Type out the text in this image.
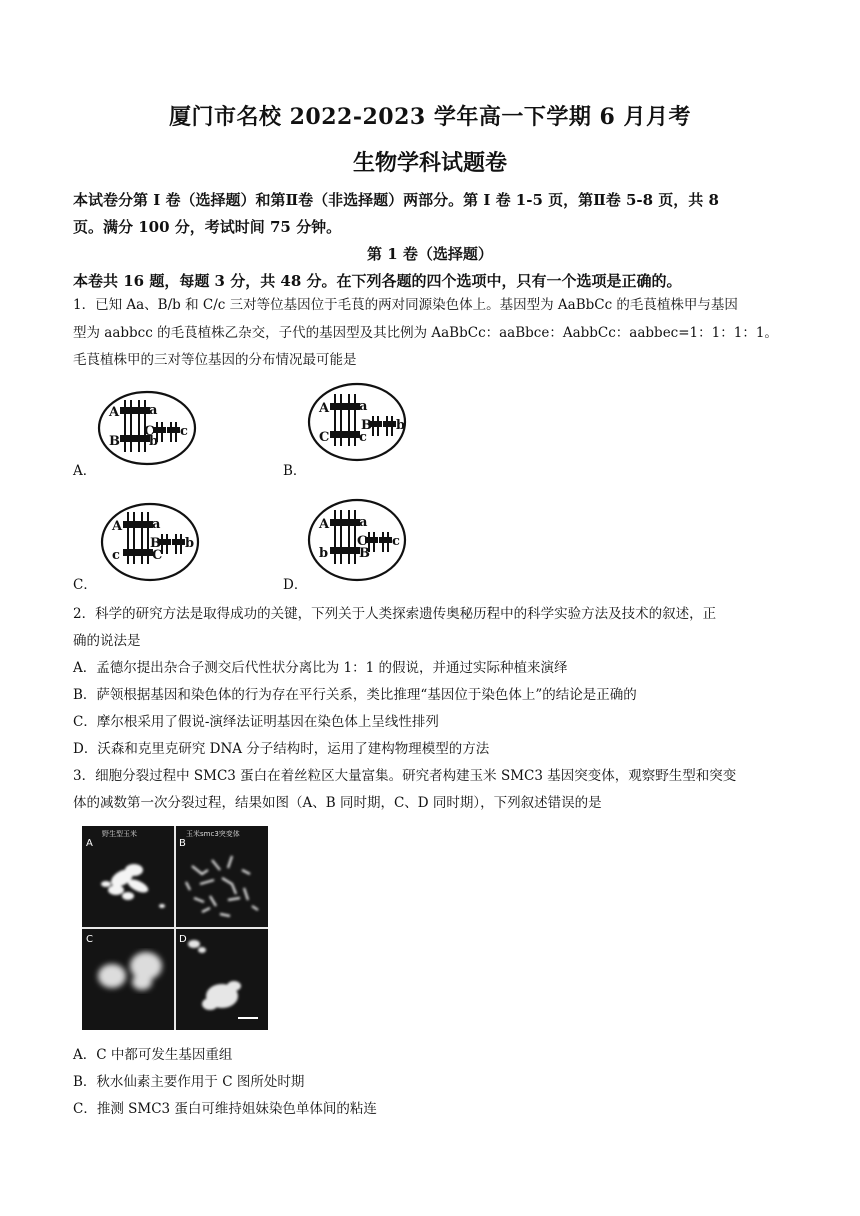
厦门市名校 2022-2023 学年高一下学期 6 月月考
生物学科试题卷
本试卷分第 I 卷（选择题）和第Ⅱ卷（非选择题）两部分。第 I 卷 1-5 页，第Ⅱ卷 5-8 页，共 8
页。满分 100 分，考试时间 75 分钟。
第 1 卷（选择题）
本卷共 16 题，每题 3 分，共 48 分。在下列各题的四个选项中，只有一个选项是正确的。
1．已知 Aa、B/b 和 C/c 三对等位基因位于毛茛的两对同源染色体上。基因型为 AaBbCc 的毛茛植株甲与基因
型为 aabbcc 的毛茛植株乙杂交，子代的基因型及其比例为 AaBbCc：aaBbce：AabbCc：aabbec=1：1：1：1。
毛茛植株甲的三对等位基因的分布情况最可能是
A
B
a
b
C c
A．
A
C
a
c
B b
B．
A
c
a
C
B b
C．
A
b
a
B
C c
D．
2．科学的研究方法是取得成功的关键，下列关于人类探索遗传奥秘历程中的科学实验方法及技术的叙述，正
确的说法是
A．孟德尔提出杂合子测交后代性状分离比为 1：1 的假说，并通过实际种植来演绎
B．萨领根据基因和染色体的行为存在平行关系，类比推理“基因位于染色体上”的结论是正确的
C．摩尔根采用了假说-演绎法证明基因在染色体上呈线性排列
D．沃森和克里克研究 DNA 分子结构时，运用了建构物理模型的方法
3．细胞分裂过程中 SMC3 蛋白在着丝粒区大量富集。研究者构建玉米 SMC3 基因突变体，观察野生型和突变
体的减数第一次分裂过程，结果如图（A、B 同时期，C、D 同时期），下列叙述错误的是
野生型玉米	玉米smc3突变体
A	B
C	D
A．C 中都可发生基因重组
B．秋水仙素主要作用于 C 图所处时期
C．推测 SMC3 蛋白可维持姐妹染色单体间的粘连
